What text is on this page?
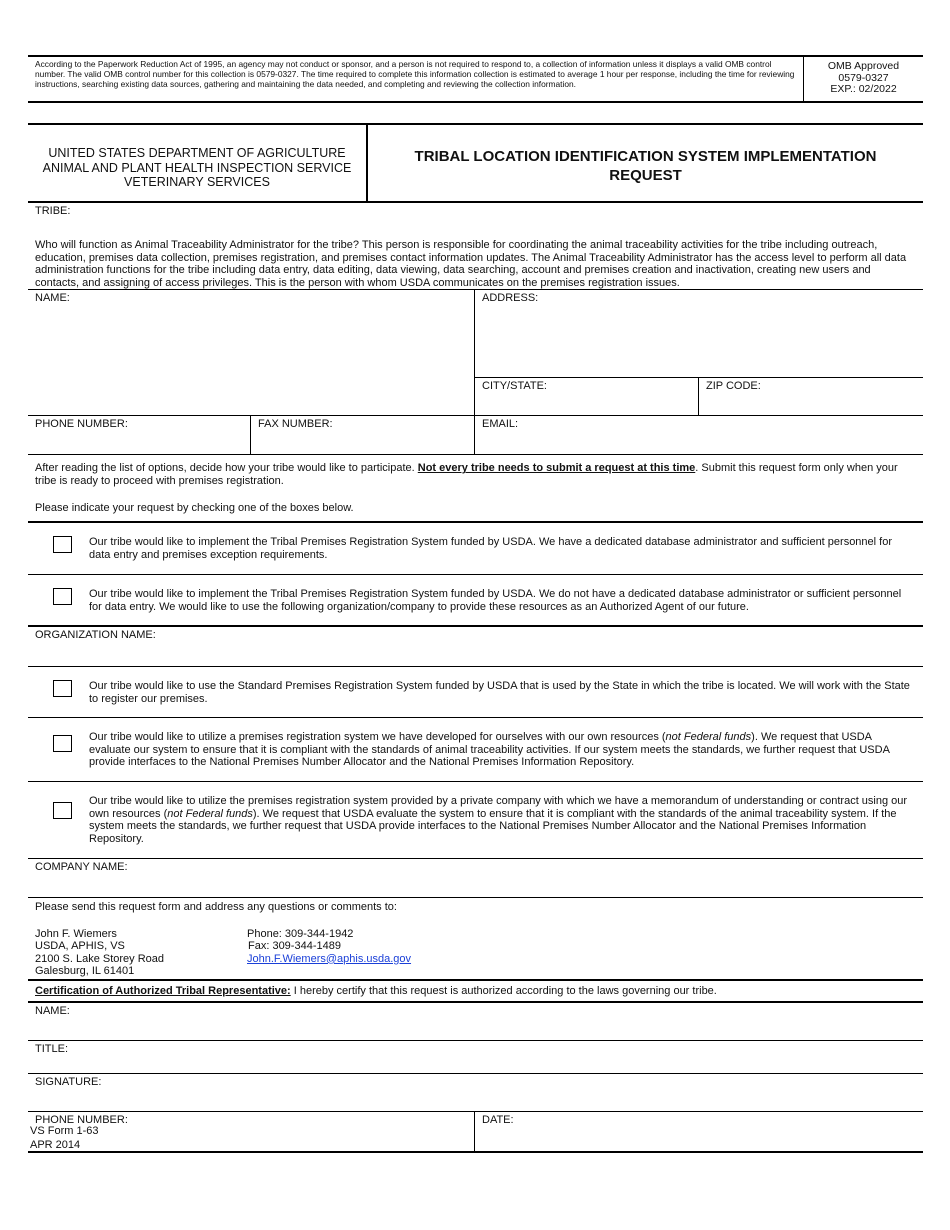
According to the Paperwork Reduction Act of 1995, an agency may not conduct or sponsor, and a person is not required to respond to, a collection of information unless it displays a valid OMB control number. The valid OMB control number for this collection is 0579-0327. The time required to complete this information collection is estimated to average 1 hour per response, including the time for reviewing instructions, searching existing data sources, gathering and maintaining the data needed, and completing and reviewing the collection information.
OMB Approved
0579-0327
EXP.: 02/2022
UNITED STATES DEPARTMENT OF AGRICULTURE
ANIMAL AND PLANT HEALTH INSPECTION SERVICE
VETERINARY SERVICES
TRIBAL LOCATION IDENTIFICATION SYSTEM IMPLEMENTATION REQUEST
TRIBE:
Who will function as Animal Traceability Administrator for the tribe? This person is responsible for coordinating the animal traceability activities for the tribe including outreach, education, premises data collection, premises registration, and premises contact information updates. The Animal Traceability Administrator has the access level to perform all data administration functions for the tribe including data entry, data editing, data viewing, data searching, account and premises creation and inactivation, creating new users and contacts, and assigning of access privileges. This is the person with whom USDA communicates on the premises registration issues.
NAME:	ADDRESS:
CITY/STATE:	ZIP CODE:
PHONE NUMBER:	FAX NUMBER:	EMAIL:
After reading the list of options, decide how your tribe would like to participate. Not every tribe needs to submit a request at this time. Submit this request form only when your tribe is ready to proceed with premises registration.
Please indicate your request by checking one of the boxes below.
Our tribe would like to implement the Tribal Premises Registration System funded by USDA. We have a dedicated database administrator and sufficient personnel for data entry and premises exception requirements.
Our tribe would like to implement the Tribal Premises Registration System funded by USDA. We do not have a dedicated database administrator or sufficient personnel for data entry. We would like to use the following organization/company to provide these resources as an Authorized Agent of our future.
ORGANIZATION NAME:
Our tribe would like to use the Standard Premises Registration System funded by USDA that is used by the State in which the tribe is located. We will work with the State to register our premises.
Our tribe would like to utilize a premises registration system we have developed for ourselves with our own resources (not Federal funds). We request that USDA evaluate our system to ensure that it is compliant with the standards of animal traceability activities. If our system meets the standards, we further request that USDA provide interfaces to the National Premises Number Allocator and the National Premises Information Repository.
Our tribe would like to utilize the premises registration system provided by a private company with which we have a memorandum of understanding or contract using our own resources (not Federal funds). We request that USDA evaluate the system to ensure that it is compliant with the standards of the animal traceability system. If the system meets the standards, we further request that USDA provide interfaces to the National Premises Number Allocator and the National Premises Information Repository.
COMPANY NAME:
Please send this request form and address any questions or comments to:
John F. Wiemers
USDA, APHIS, VS
2100 S. Lake Storey Road
Galesburg, IL 61401
Phone: 309-344-1942
Fax: 309-344-1489
John.F.Wiemers@aphis.usda.gov
Certification of Authorized Tribal Representative: I hereby certify that this request is authorized according to the laws governing our tribe.
NAME:
TITLE:
SIGNATURE:
PHONE NUMBER:	DATE:
VS Form 1-63
APR 2014
